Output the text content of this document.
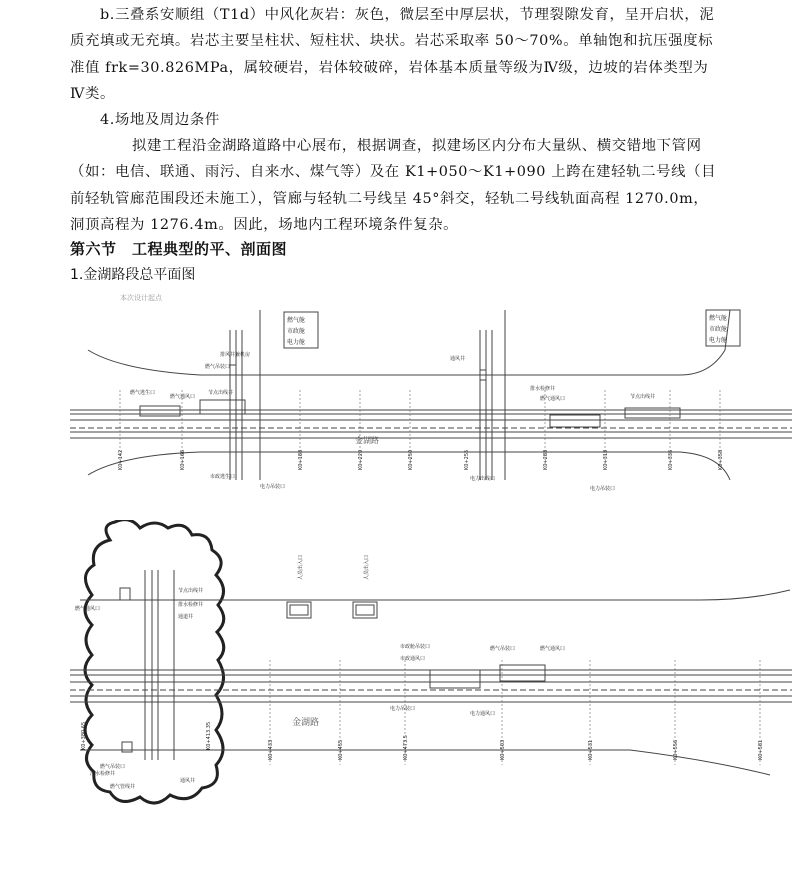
b.三叠系安顺组（T1d）中风化灰岩：灰色，微层至中厚层状，节理裂隙发育，呈开启状，泥质充填或无充填。岩芯主要呈柱状、短柱状、块状。岩芯采取率 50～70%。单轴饱和抗压强度标准值 frk=30.826MPa，属较硬岩，岩体较破碎，岩体基本质量等级为Ⅳ级，边坡的岩体类型为Ⅳ类。

4.场地及周边条件

拟建工程沿金湖路道路中心展布，根据调查，拟建场区内分布大量纵、横交错地下管网（如：电信、联通、雨污、自来水、煤气等）及在 K1+050～K1+090 上跨在建轻轨二号线（目前轻轨管廊范围段还未施工），管廊与轻轨二号线呈 45°斜交，轻轨二号线轨面高程 1270.0m，洞顶高程为 1276.4m。因此，场地内工程环境条件复杂。

第六节　工程典型的平、剖面图

1.金湖路段总平面图

本次设计起点
金湖路
燃气舱
市政舱
电力舱
燃气舱
市政舱
电力舱
燃气吊装口
排风井兼机房
燃气通风口
节点出线井
燃气逃生口
市政逃生口
电力吊装口
通风井
排水检修井
电力出线口
燃气通风口	节点出线井
电力吊装口
K0+142	K0+166	K0+188	K0+220	K0+250	K0+255	K0+288	K0+318	K0+336	K0+358
金湖路
人员出入口	人员出入口
燃气通风口
通道井
排水检修井
节点出线井
市政舱吊装口
市政通风口
燃气吊装口	燃气通风口
电力吊装口
电力通风口
污水检修井
燃气吊装口
通风井
燃气管线井
K0+380.65	K0+413.35	K0+433	K0+455	K0+473.5	K0+503	K0+531	K0+556	K0+581
